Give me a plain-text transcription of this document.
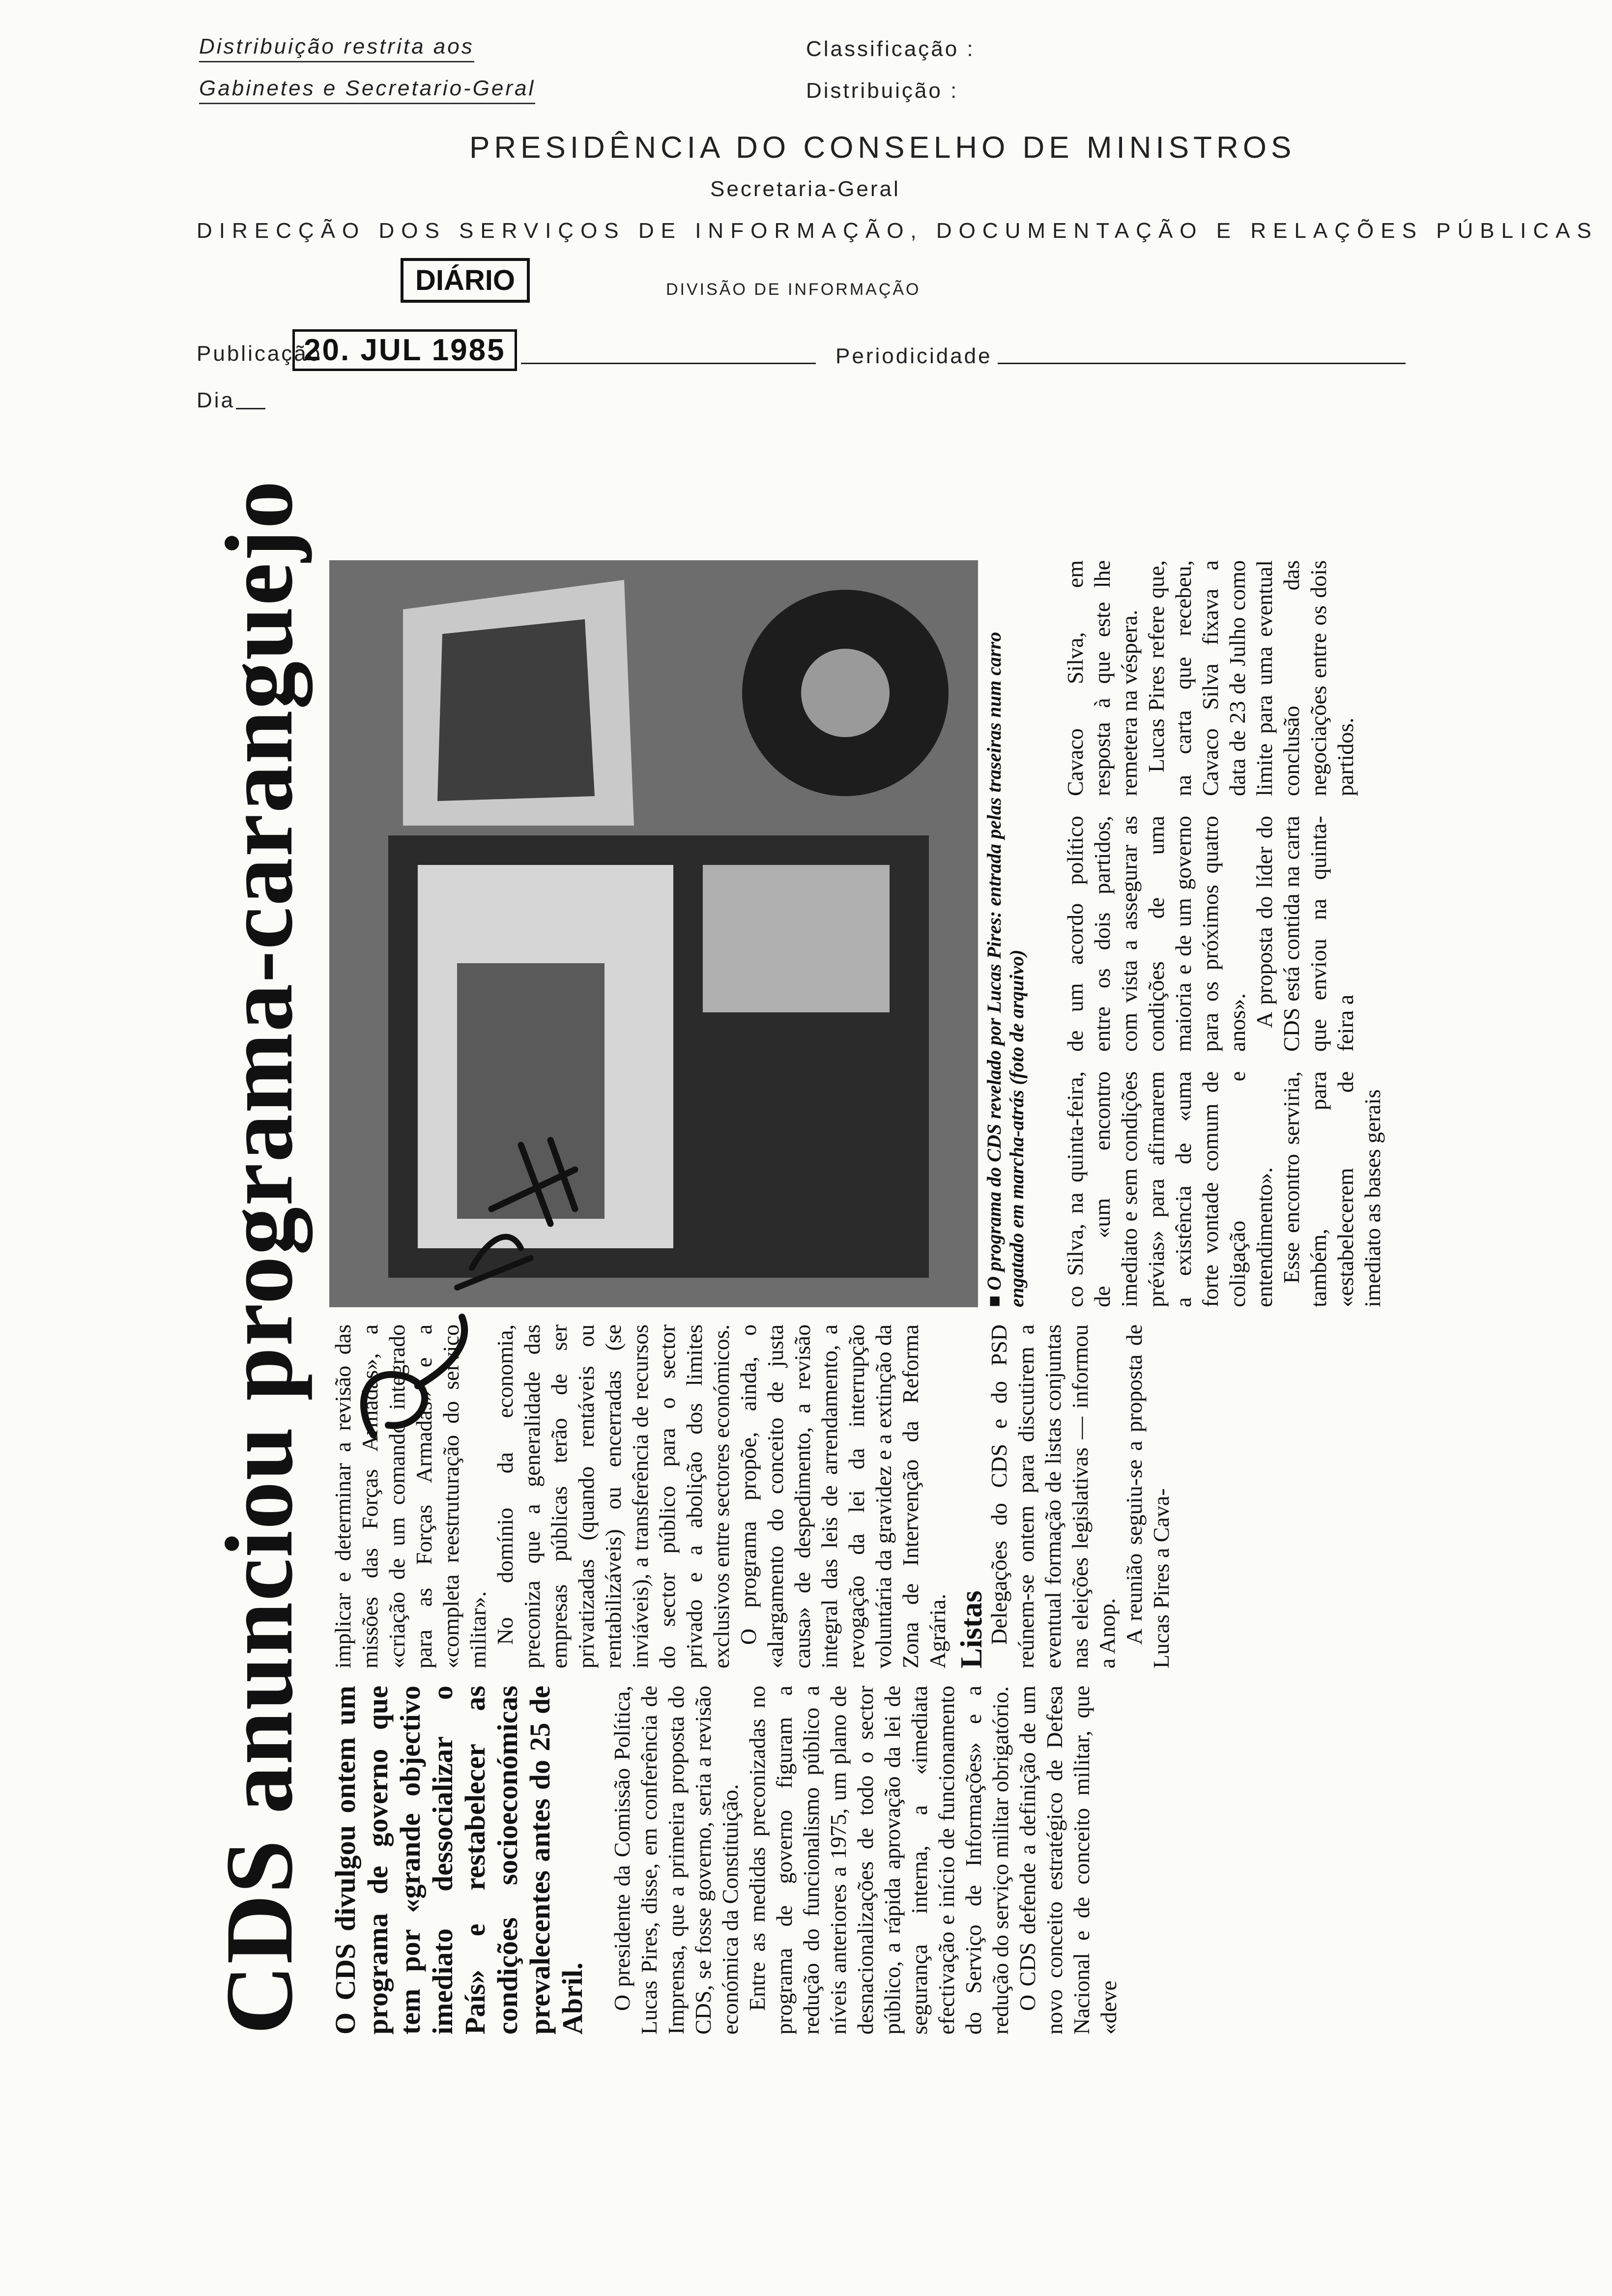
Distribuição restrita aos
Gabinetes e Secretario-Geral
Classificação :
Distribuição :
PRESIDÊNCIA DO CONSELHO DE MINISTROS
Secretaria-Geral
DIRECÇÃO DOS SERVIÇOS DE INFORMAÇÃO, DOCUMENTAÇÃO E RELAÇÕES PÚBLICAS
DIÁRIO	DIVISÃO DE INFORMAÇÃO
Publicação
20. JUL 1985	Periodicidade
Dia
CDS anunciou programa-caranguejo O CDS divulgou ontem um programa de governo que tem por «grande objectivo imediato dessocializar o País» e restabelecer as condições socioeconómicas prevalecentes antes do 25 de Abril. O presidente da Comissão Política, Lucas Pires, disse, em conferência de Imprensa, que a primeira proposta do CDS, se fosse governo, seria a revisão económica da Constituição. Entre as medidas preconizadas no programa de governo figuram a redução do funcionalismo público a níveis anteriores a 1975, um plano de desnacionalizações de todo o sector público, a rápida aprovação da lei de segurança interna, a «imediata efectivação e início de funcionamento do Serviço de Informações» e a redução do serviço militar obrigatório. O CDS defende a definição de um novo conceito estratégico de Defesa Nacional e de conceito militar, que «deve

implicar e determinar a revisão das missões das Forças Armadas», a «criação de um comando integrado para as Forças Armadas» e a «completa reestruturação do serviço militar». No domínio da economia, preconiza que a generalidade das empresas públicas terão de ser privatizadas (quando rentáveis ou rentabilizáveis) ou encerradas (se inviáveis), a transferência de recursos do sector público para o sector privado e a abolição dos limites exclusivos entre sectores económicos. O programa propõe, ainda, o «alargamento do conceito de justa causa» de despedimento, a revisão integral das leis de arrendamento, a revogação da lei da interrupção voluntária da gravidez e a extinção da Zona de Intervenção da Reforma Agrária. Listas

Delegações do CDS e do PSD reúnem-se ontem para discutirem a eventual formação de listas conjuntas nas eleições legislativas — informou a Anop. A reunião seguiu-se a proposta de Lucas Pires a Cava-

■ O programa do CDS revelado por Lucas Pires: entrada pelas traseiras num carro engatado em marcha-atrás (foto de arquivo) co Silva, na quinta-feira, de «um encontro imediato e sem condições prévias» para afirmarem a existência de «uma forte vontade comum de coligação e entendimento». Esse encontro serviria, também, para «estabelecerem de imediato as bases gerais

de um acordo político entre os dois partidos, com vista a assegurar as condições de uma maioria e de um governo para os próximos quatro anos». A proposta do líder do CDS está contida na carta que enviou na quinta-feira a

Cavaco Silva, em resposta à que este lhe remetera na véspera. Lucas Pires refere que, na carta que recebeu, Cavaco Silva fixava a data de 23 de Julho como limite para uma eventual conclusão das negociações entre os dois partidos.
